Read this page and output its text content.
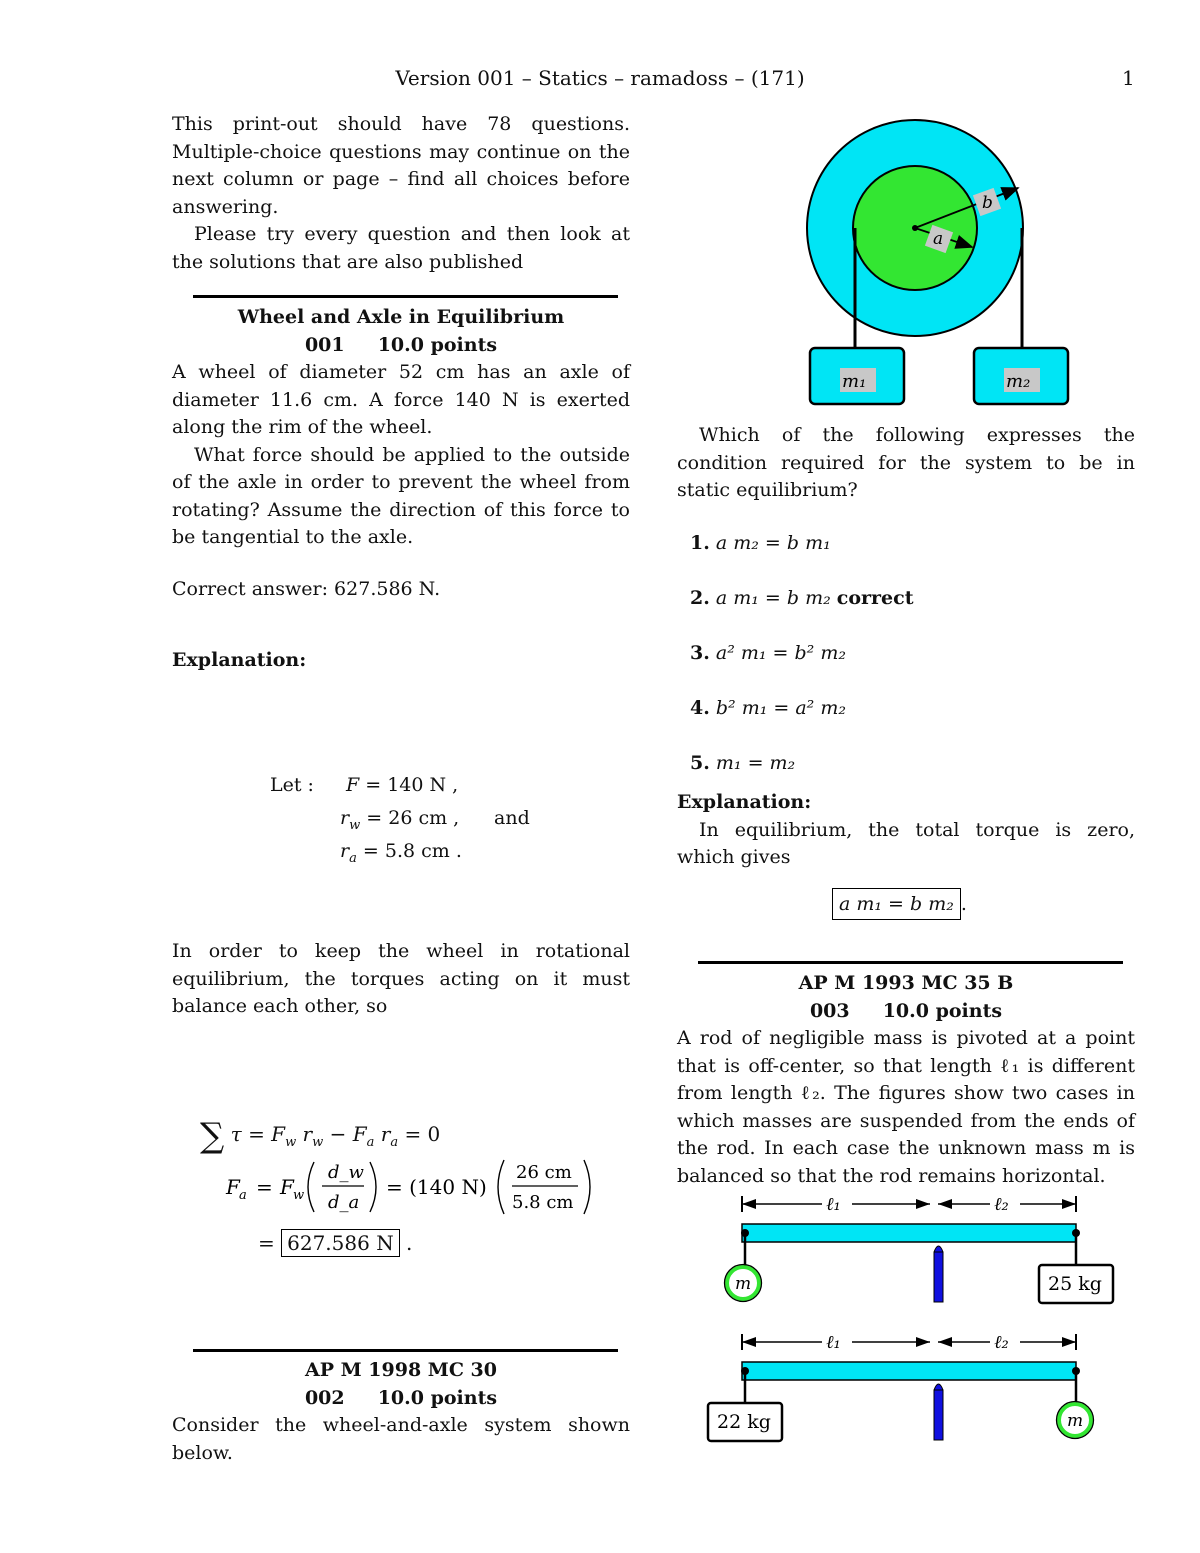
Version 001 – Statics – ramadoss – (171)	1

This print-out should have 78 questions. Multiple-choice questions may continue on the next column or page – find all choices before answering.

Please try every question and then look at the solutions that are also published

Wheel and Axle in Equilibrium

001 10.0 points

A wheel of diameter 52 cm has an axle of diameter 11.6 cm. A force 140 N is exerted along the rim of the wheel.

What force should be applied to the outside of the axle in order to prevent the wheel from rotating? Assume the direction of this force to be tangential to the axle.

Correct answer: 627.586 N.
Explanation:
Let : F = 140 N ,
$r_w = 26$ cm , and
$r_a = 5.8$ cm .

In order to keep the wheel in rotational equilibrium, the torques acting on it must balance each other, so

∑ $\tau = F_w$ $r_w - F_a$ $r_a = 0$
F a = F w
d_w
d_a
= (140 N)
26 cm
5.8 cm
= 627.586 N .

AP M 1998 MC 30

002 10.0 points

Consider the wheel-and-axle system shown below.

b
a
m₁	m₂

Which of the following expresses the condition required for the system to be in static equilibrium?

1. a m₂ = b m₁
2. a m₁ = b m₂ correct
3. a² m₁ = b² m₂
4. b² m₁ = a² m₂
5. m₁ = m₂

Explanation:

In equilibrium, the total torque is zero, which gives

a m₁ = b m₂ .

AP M 1993 MC 35 B

003 10.0 points

A rod of negligible mass is pivoted at a point that is off-center, so that length ℓ₁ is different from length ℓ₂. The figures show two cases in which masses are suspended from the ends of the rod. In each case the unknown mass m is balanced so that the rod remains horizontal.

ℓ₁	ℓ₂
m	25 kg
ℓ₁	ℓ₂
22 kg	m
